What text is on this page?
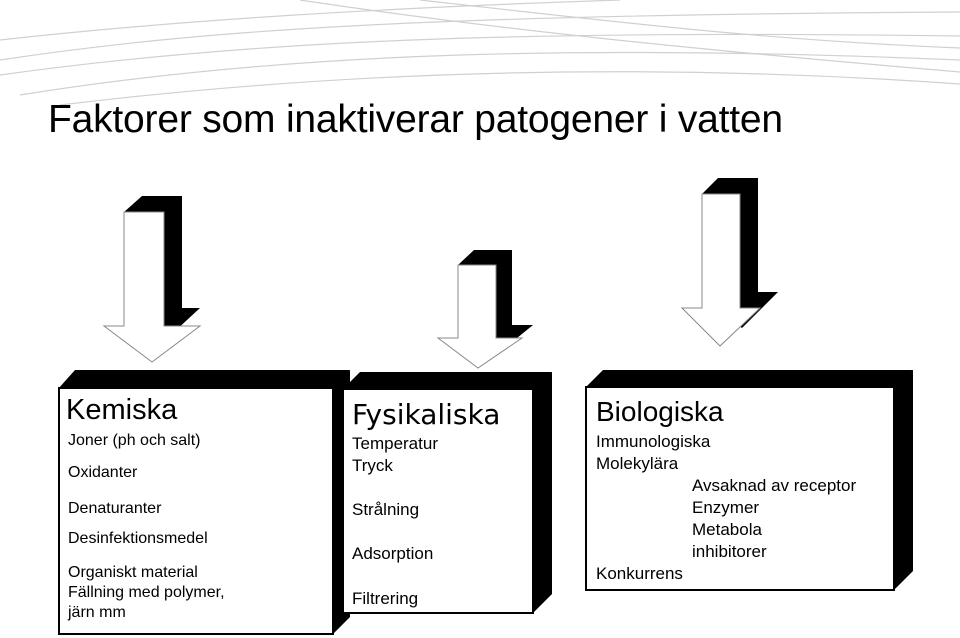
Faktorer som inaktiverar patogener i vatten
Kemiska
Joner (ph och salt)
Oxidanter
Denaturanter
Desinfektionsmedel
Organiskt material
Fällning med polymer,
järn mm
Fysikaliska
Temperatur
Tryck
Strålning
Adsorption
Filtrering
Biologiska
Immunologiska
Molekylära
Avsaknad av receptor
Enzymer
Metabola
inhibitorer
Konkurrens
